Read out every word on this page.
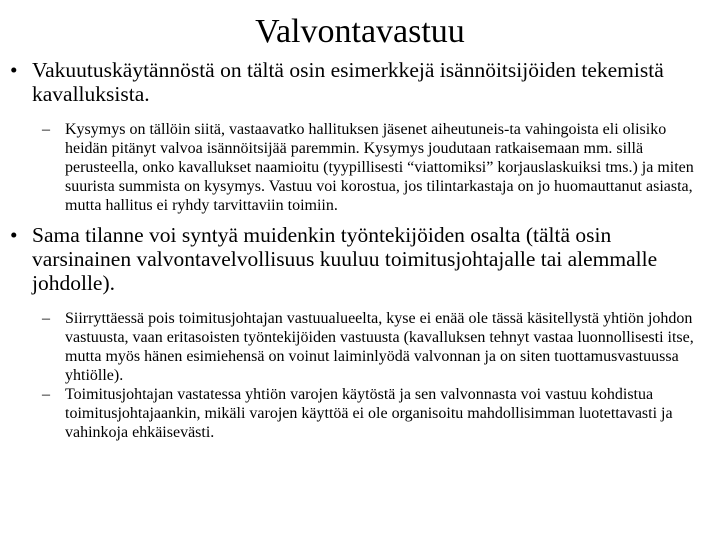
Valvontavastuu

• Vakuutuskäytännöstä on tältä osin esimerkkejä isännöitsijöiden tekemistä kavalluksista.

– Kysymys on tällöin siitä, vastaavatko hallituksen jäsenet aiheutuneis-ta vahingoista eli olisiko heidän pitänyt valvoa isännöitsijää paremmin. Kysymys joudutaan ratkaisemaan mm. sillä perusteella, onko kavallukset naamioitu (tyypillisesti “viattomiksi” korjauslaskuiksi tms.) ja miten suurista summista on kysymys. Vastuu voi korostua, jos tilintarkastaja on jo huomauttanut asiasta, mutta hallitus ei ryhdy tarvittaviin toimiin.

• Sama tilanne voi syntyä muidenkin työntekijöiden osalta (tältä osin varsinainen valvontavelvollisuus kuuluu toimitusjohtajalle tai alemmalle johdolle).

– Siirryttäessä pois toimitusjohtajan vastuualueelta, kyse ei enää ole tässä käsitellystä yhtiön johdon vastuusta, vaan eritasoisten työntekijöiden vastuusta (kavalluksen tehnyt vastaa luonnollisesti itse, mutta myös hänen esimiehensä on voinut laiminlyödä valvonnan ja on siten tuottamusvastuussa yhtiölle).

– Toimitusjohtajan vastatessa yhtiön varojen käytöstä ja sen valvonnasta voi vastuu kohdistua toimitusjohtajaankin, mikäli varojen käyttöä ei ole organisoitu mahdollisimman luotettavasti ja vahinkoja ehkäisevästi.
